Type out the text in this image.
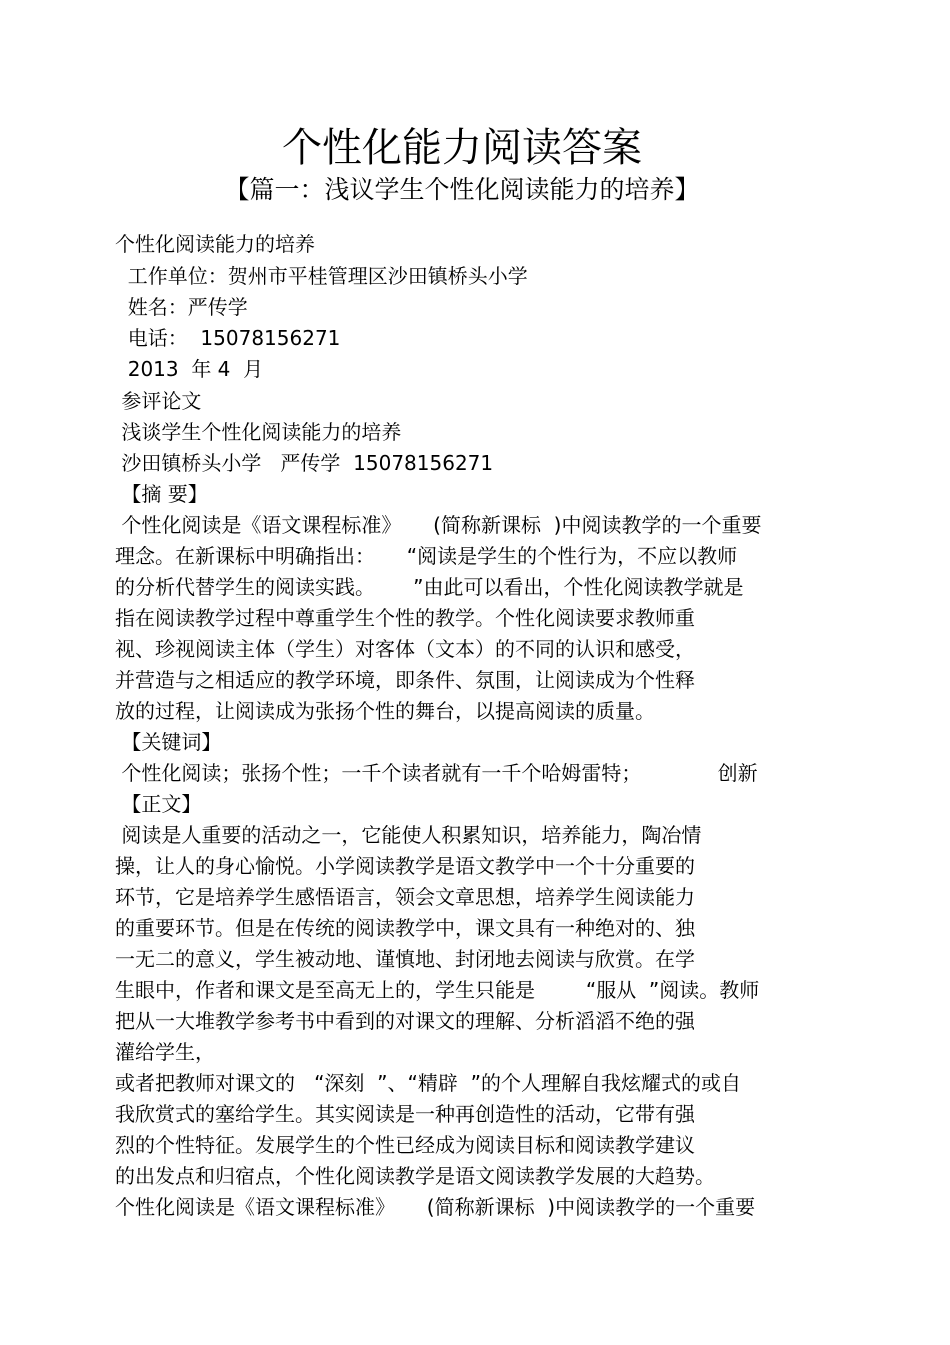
个性化能力阅读答案
【篇一：浅议学生个性化阅读能力的培养】

个性化阅读能力的培养

工作单位：贺州市平桂管理区沙田镇桥头小学

姓名：严传学

电话：  15078156271

2013  年 4  月

参评论文

浅谈学生个性化阅读能力的培养

沙田镇桥头小学   严传学  15078156271

【摘 要】

个性化阅读是《语文课程标准》     (简称新课标  )中阅读教学的一个重要

理念。在新课标中明确指出：     “阅读是学生的个性行为，不应以教师

的分析代替学生的阅读实践。      ”由此可以看出，个性化阅读教学就是

指在阅读教学过程中尊重学生个性的教学。个性化阅读要求教师重

视、珍视阅读主体（学生）对客体（文本）的不同的认识和感受，

并营造与之相适应的教学环境，即条件、氛围，让阅读成为个性释

放的过程，让阅读成为张扬个性的舞台，以提高阅读的质量。

【关键词】

个性化阅读；张扬个性；一千个读者就有一千个哈姆雷特；            创新

【正文】

阅读是人重要的活动之一，它能使人积累知识，培养能力，陶冶情

操，让人的身心愉悦。小学阅读教学是语文教学中一个十分重要的

环节，它是培养学生感悟语言，领会文章思想，培养学生阅读能力

的重要环节。但是在传统的阅读教学中，课文具有一种绝对的、独

一无二的意义，学生被动地、谨慎地、封闭地去阅读与欣赏。在学

生眼中，作者和课文是至高无上的，学生只能是        “服从  ”阅读。教师

把从一大堆教学参考书中看到的对课文的理解、分析滔滔不绝的强

灌给学生，

或者把教师对课文的   “深刻  ”、“精辟  ”的个人理解自我炫耀式的或自

我欣赏式的塞给学生。其实阅读是一种再创造性的活动，它带有强

烈的个性特征。发展学生的个性已经成为阅读目标和阅读教学建议

的出发点和归宿点，个性化阅读教学是语文阅读教学发展的大趋势。

个性化阅读是《语文课程标准》     (简称新课标  )中阅读教学的一个重要
